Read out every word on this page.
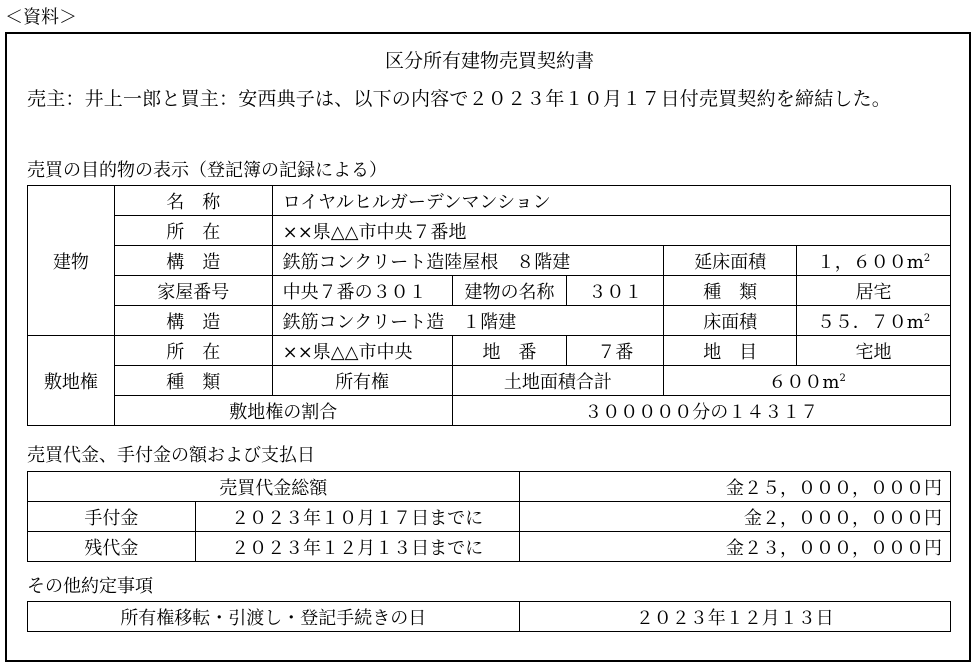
＜資料＞
区分所有建物売買契約書
売主：井上一郎と買主：安西典子は、以下の内容で２０２３年１０月１７日付売買契約を締結した。
売買の目的物の表示（登記簿の記録による）
建物	名　称	ロイヤルヒルガーデンマンション				
	所　在	××県△△市中央７番地				
	構　造	鉄筋コンクリート造陸屋根　８階建			延床面積	１，$600m^2$
	家屋番号	中央７番の３０１	建物の名称	３０１	種　類	居宅
	構　造	鉄筋コンクリート造　１階建			床面積	５５．$70m^2$
敷地権	所　在	××県△△市中央	地　番	７番	地　目	宅地
	種　類	所有権	土地面積合計		$600m^2$
	敷地権の割合		３０００００分の１４３１７			
売買代金、手付金の額および支払日
売買代金総額		金２５，０００，０００円
手付金	２０２３年１０月１７日までに	金２，０００，０００円
残代金	２０２３年１２月１３日までに	金２３，０００，０００円
その他約定事項
所有権移転・引渡し・登記手続きの日	２０２３年１２月１３日
